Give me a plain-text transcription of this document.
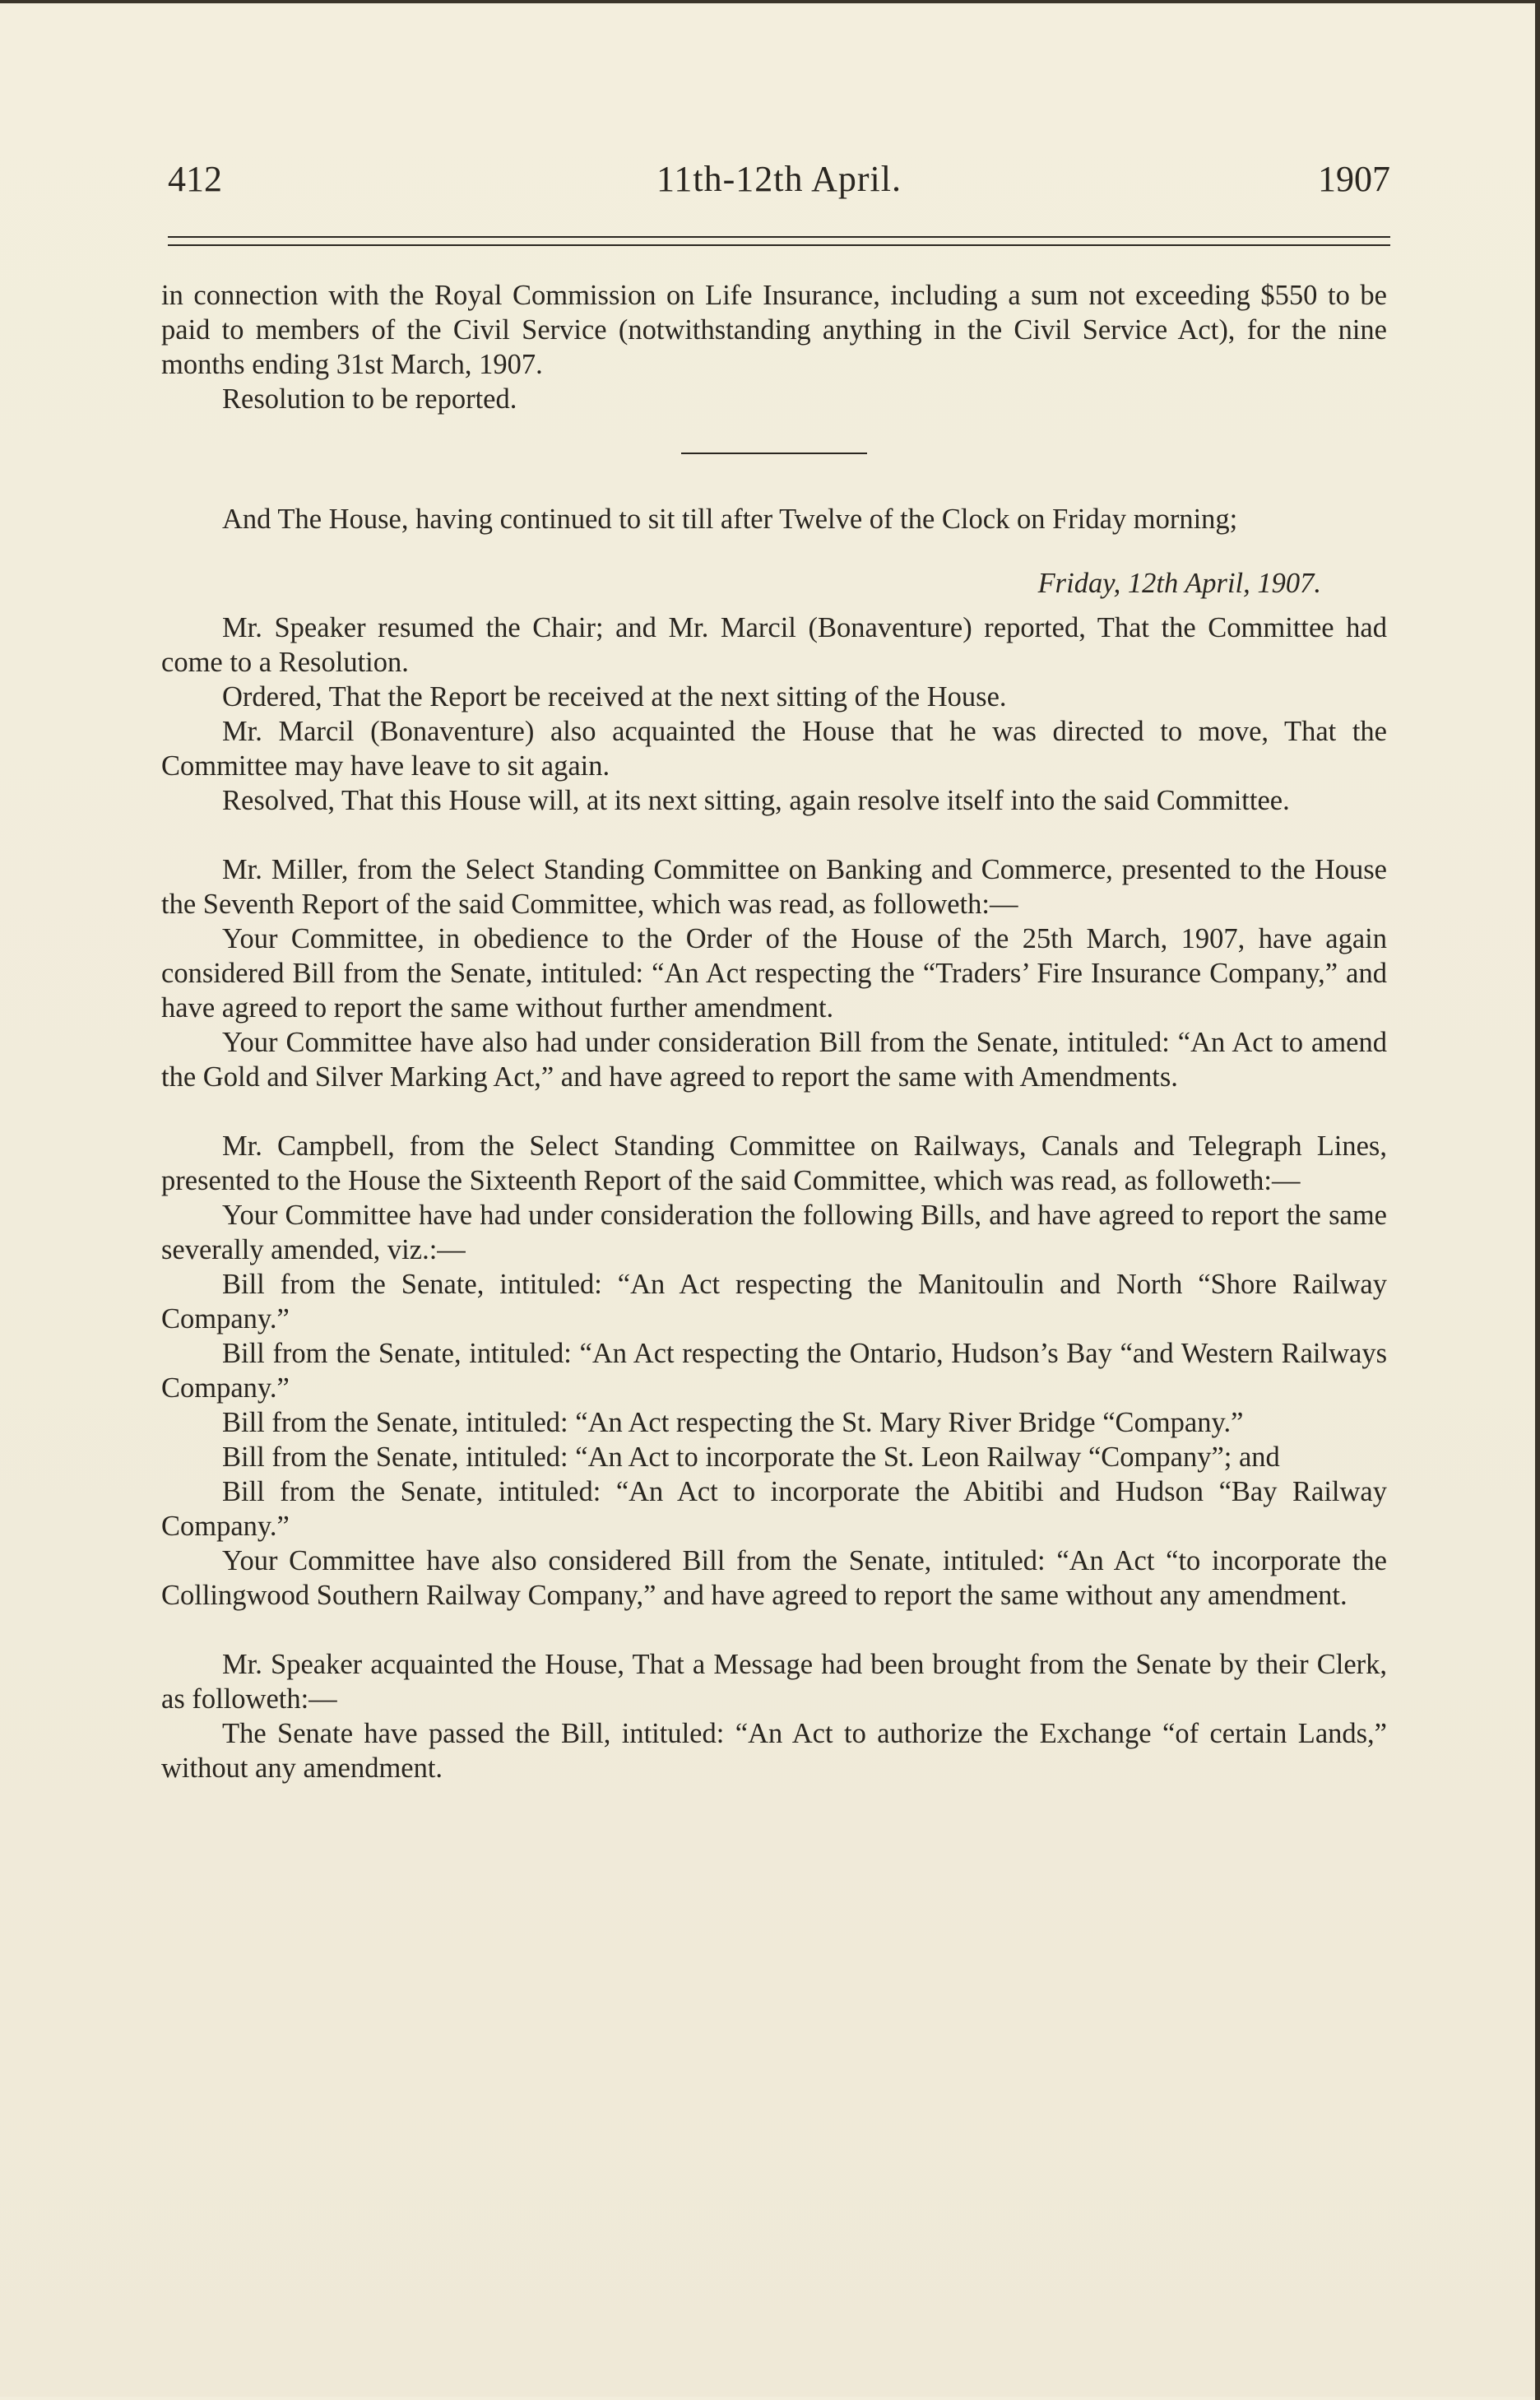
11th-12th April.
412	1907

in connection with the Royal Commission on Life Insurance, including a sum not exceeding $550 to be paid to members of the Civil Service (notwithstanding anything in the Civil Service Act), for the nine months ending 31st March, 1907.

Resolution to be reported.

And The House, having continued to sit till after Twelve of the Clock on Friday morning;

Friday, 12th April, 1907.

Mr. Speaker resumed the Chair; and Mr. Marcil (Bonaventure) reported, That the Committee had come to a Resolution.

Ordered, That the Report be received at the next sitting of the House.

Mr. Marcil (Bonaventure) also acquainted the House that he was directed to move, That the Committee may have leave to sit again.

Resolved, That this House will, at its next sitting, again resolve itself into the said Committee.

Mr. Miller, from the Select Standing Committee on Banking and Commerce, presented to the House the Seventh Report of the said Committee, which was read, as followeth:—

Your Committee, in obedience to the Order of the House of the 25th March, 1907, have again considered Bill from the Senate, intituled: “An Act respecting the “Traders’ Fire Insurance Company,” and have agreed to report the same without further amendment.

Your Committee have also had under consideration Bill from the Senate, intituled: “An Act to amend the Gold and Silver Marking Act,” and have agreed to report the same with Amendments.

Mr. Campbell, from the Select Standing Committee on Railways, Canals and Telegraph Lines, presented to the House the Sixteenth Report of the said Committee, which was read, as followeth:—

Your Committee have had under consideration the following Bills, and have agreed to report the same severally amended, viz.:—

Bill from the Senate, intituled: “An Act respecting the Manitoulin and North “Shore Railway Company.”

Bill from the Senate, intituled: “An Act respecting the Ontario, Hudson’s Bay “and Western Railways Company.”

Bill from the Senate, intituled: “An Act respecting the St. Mary River Bridge “Company.”

Bill from the Senate, intituled: “An Act to incorporate the St. Leon Railway “Company”; and

Bill from the Senate, intituled: “An Act to incorporate the Abitibi and Hudson “Bay Railway Company.”

Your Committee have also considered Bill from the Senate, intituled: “An Act “to incorporate the Collingwood Southern Railway Company,” and have agreed to report the same without any amendment.

Mr. Speaker acquainted the House, That a Message had been brought from the Senate by their Clerk, as followeth:—

The Senate have passed the Bill, intituled: “An Act to authorize the Exchange “of certain Lands,” without any amendment.
